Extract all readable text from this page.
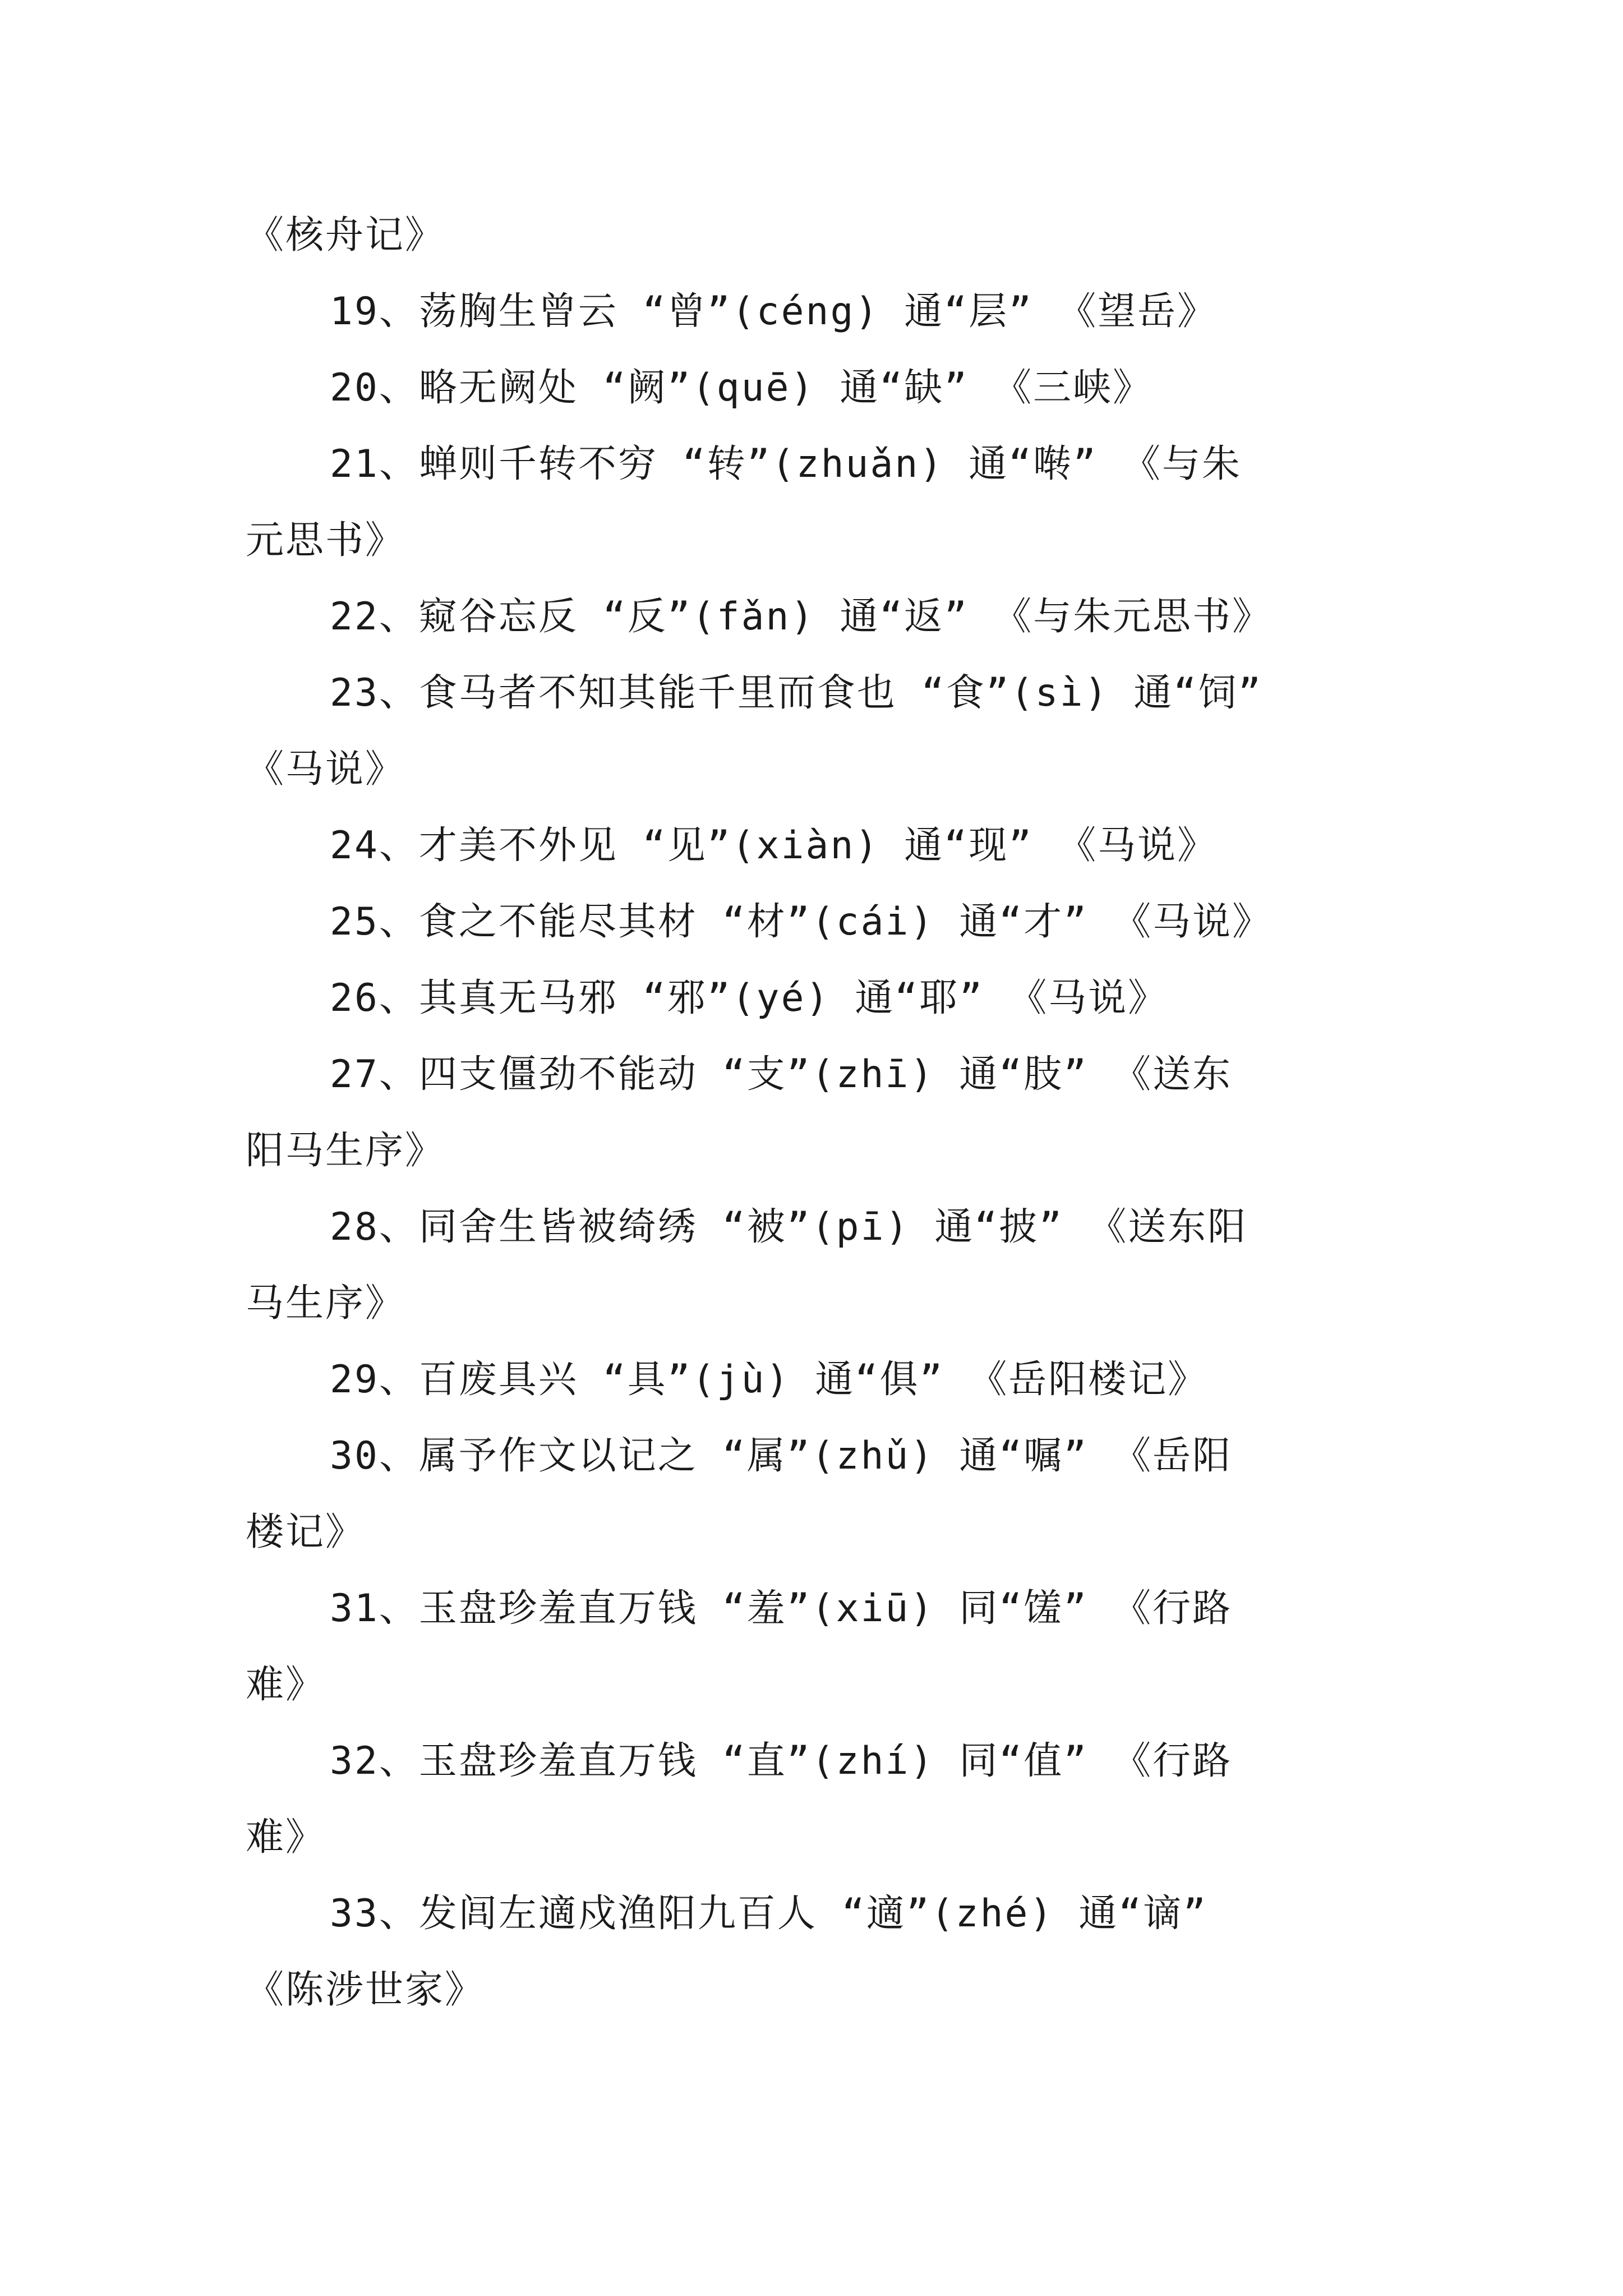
《核舟记》
19、荡胸生曾云 “曾”(céng) 通“层” 《望岳》
20、略无阙处 “阙”(quē) 通“缺” 《三峡》
21、蝉则千转不穷 “转”(zhuǎn) 通“啭” 《与朱
元思书》
22、窥谷忘反 “反”(fǎn) 通“返” 《与朱元思书》
23、食马者不知其能千里而食也 “食”(sì) 通“饲”
《马说》
24、才美不外见 “见”(xiàn) 通“现” 《马说》
25、食之不能尽其材 “材”(cái) 通“才” 《马说》
26、其真无马邪 “邪”(yé) 通“耶” 《马说》
27、四支僵劲不能动 “支”(zhī) 通“肢” 《送东
阳马生序》
28、同舍生皆被绮绣 “被”(pī) 通“披” 《送东阳
马生序》
29、百废具兴 “具”(jù) 通“俱” 《岳阳楼记》
30、属予作文以记之 “属”(zhǔ) 通“嘱” 《岳阳
楼记》
31、玉盘珍羞直万钱 “羞”(xiū) 同“馐” 《行路
难》
32、玉盘珍羞直万钱 “直”(zhí) 同“值” 《行路
难》
33、发闾左適戍渔阳九百人 “適”(zhé) 通“谪”
《陈涉世家》
